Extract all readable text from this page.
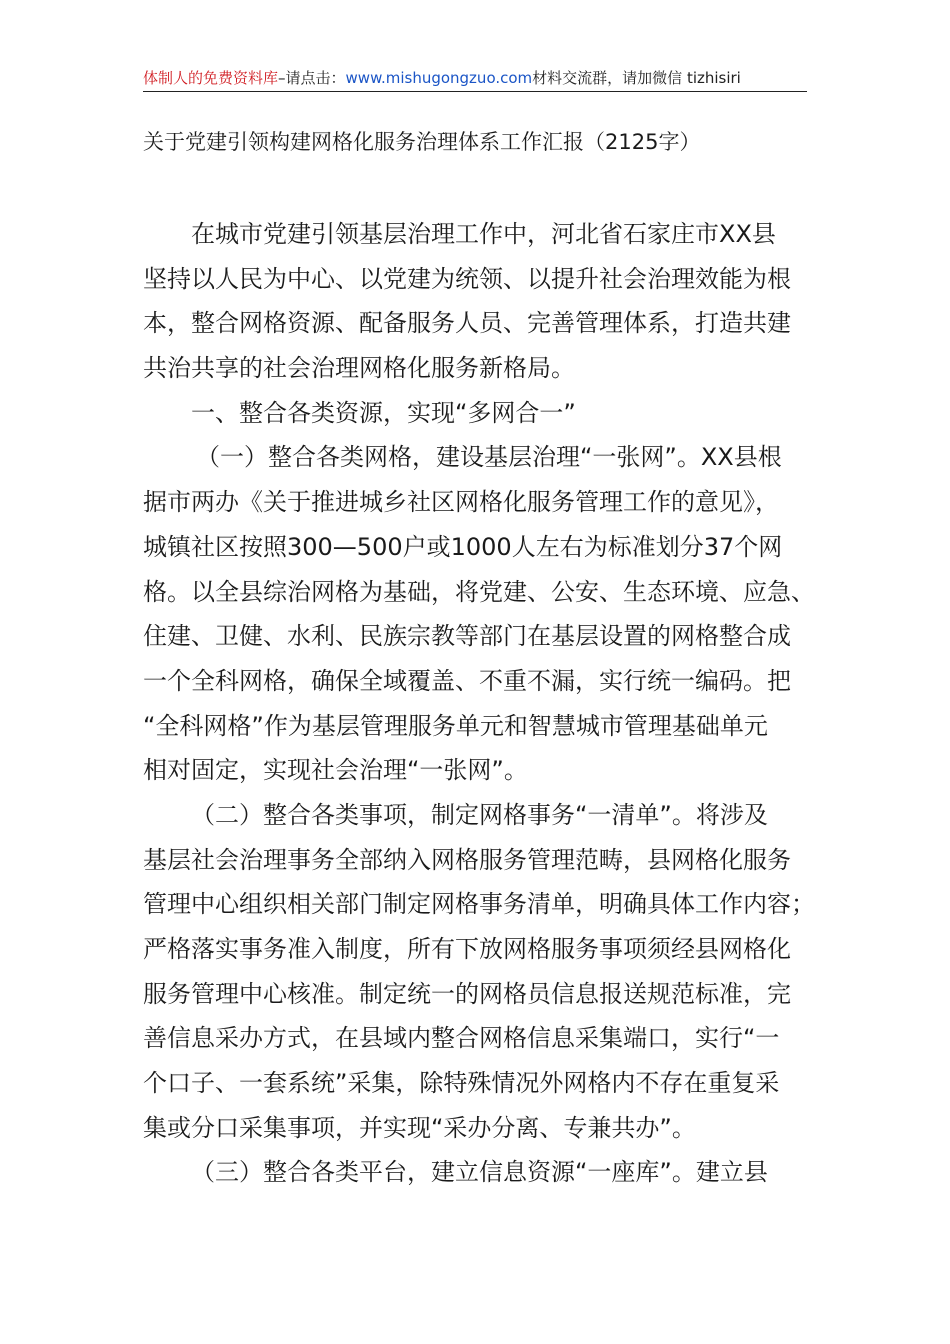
体制人的免费资料库–请点击：www.mishugongzuo.com材料交流群，请加微信 tizhisiri
关于党建引领构建网格化服务治理体系工作汇报（2125字）
在城市党建引领基层治理工作中，河北省石家庄市XX县
坚持以人民为中心、以党建为统领、以提升社会治理效能为根
本，整合网格资源、配备服务人员、完善管理体系，打造共建
共治共享的社会治理网格化服务新格局。
一、整合各类资源，实现“多网合一”
（一）整合各类网格，建设基层治理“一张网”。XX县根
据市两办《关于推进城乡社区网格化服务管理工作的意见》，
城镇社区按照300—500户或1000人左右为标准划分37个网
格。以全县综治网格为基础，将党建、公安、生态环境、应急、
住建、卫健、水利、民族宗教等部门在基层设置的网格整合成
一个全科网格，确保全域覆盖、不重不漏，实行统一编码。把
“全科网格”作为基层管理服务单元和智慧城市管理基础单元
相对固定，实现社会治理“一张网”。
（二）整合各类事项，制定网格事务“一清单”。将涉及
基层社会治理事务全部纳入网格服务管理范畴，县网格化服务
管理中心组织相关部门制定网格事务清单，明确具体工作内容；
严格落实事务准入制度，所有下放网格服务事项须经县网格化
服务管理中心核准。制定统一的网格员信息报送规范标准，完
善信息采办方式，在县域内整合网格信息采集端口，实行“一
个口子、一套系统”采集，除特殊情况外网格内不存在重复采
集或分口采集事项，并实现“采办分离、专兼共办”。
（三）整合各类平台，建立信息资源“一座库”。建立县
